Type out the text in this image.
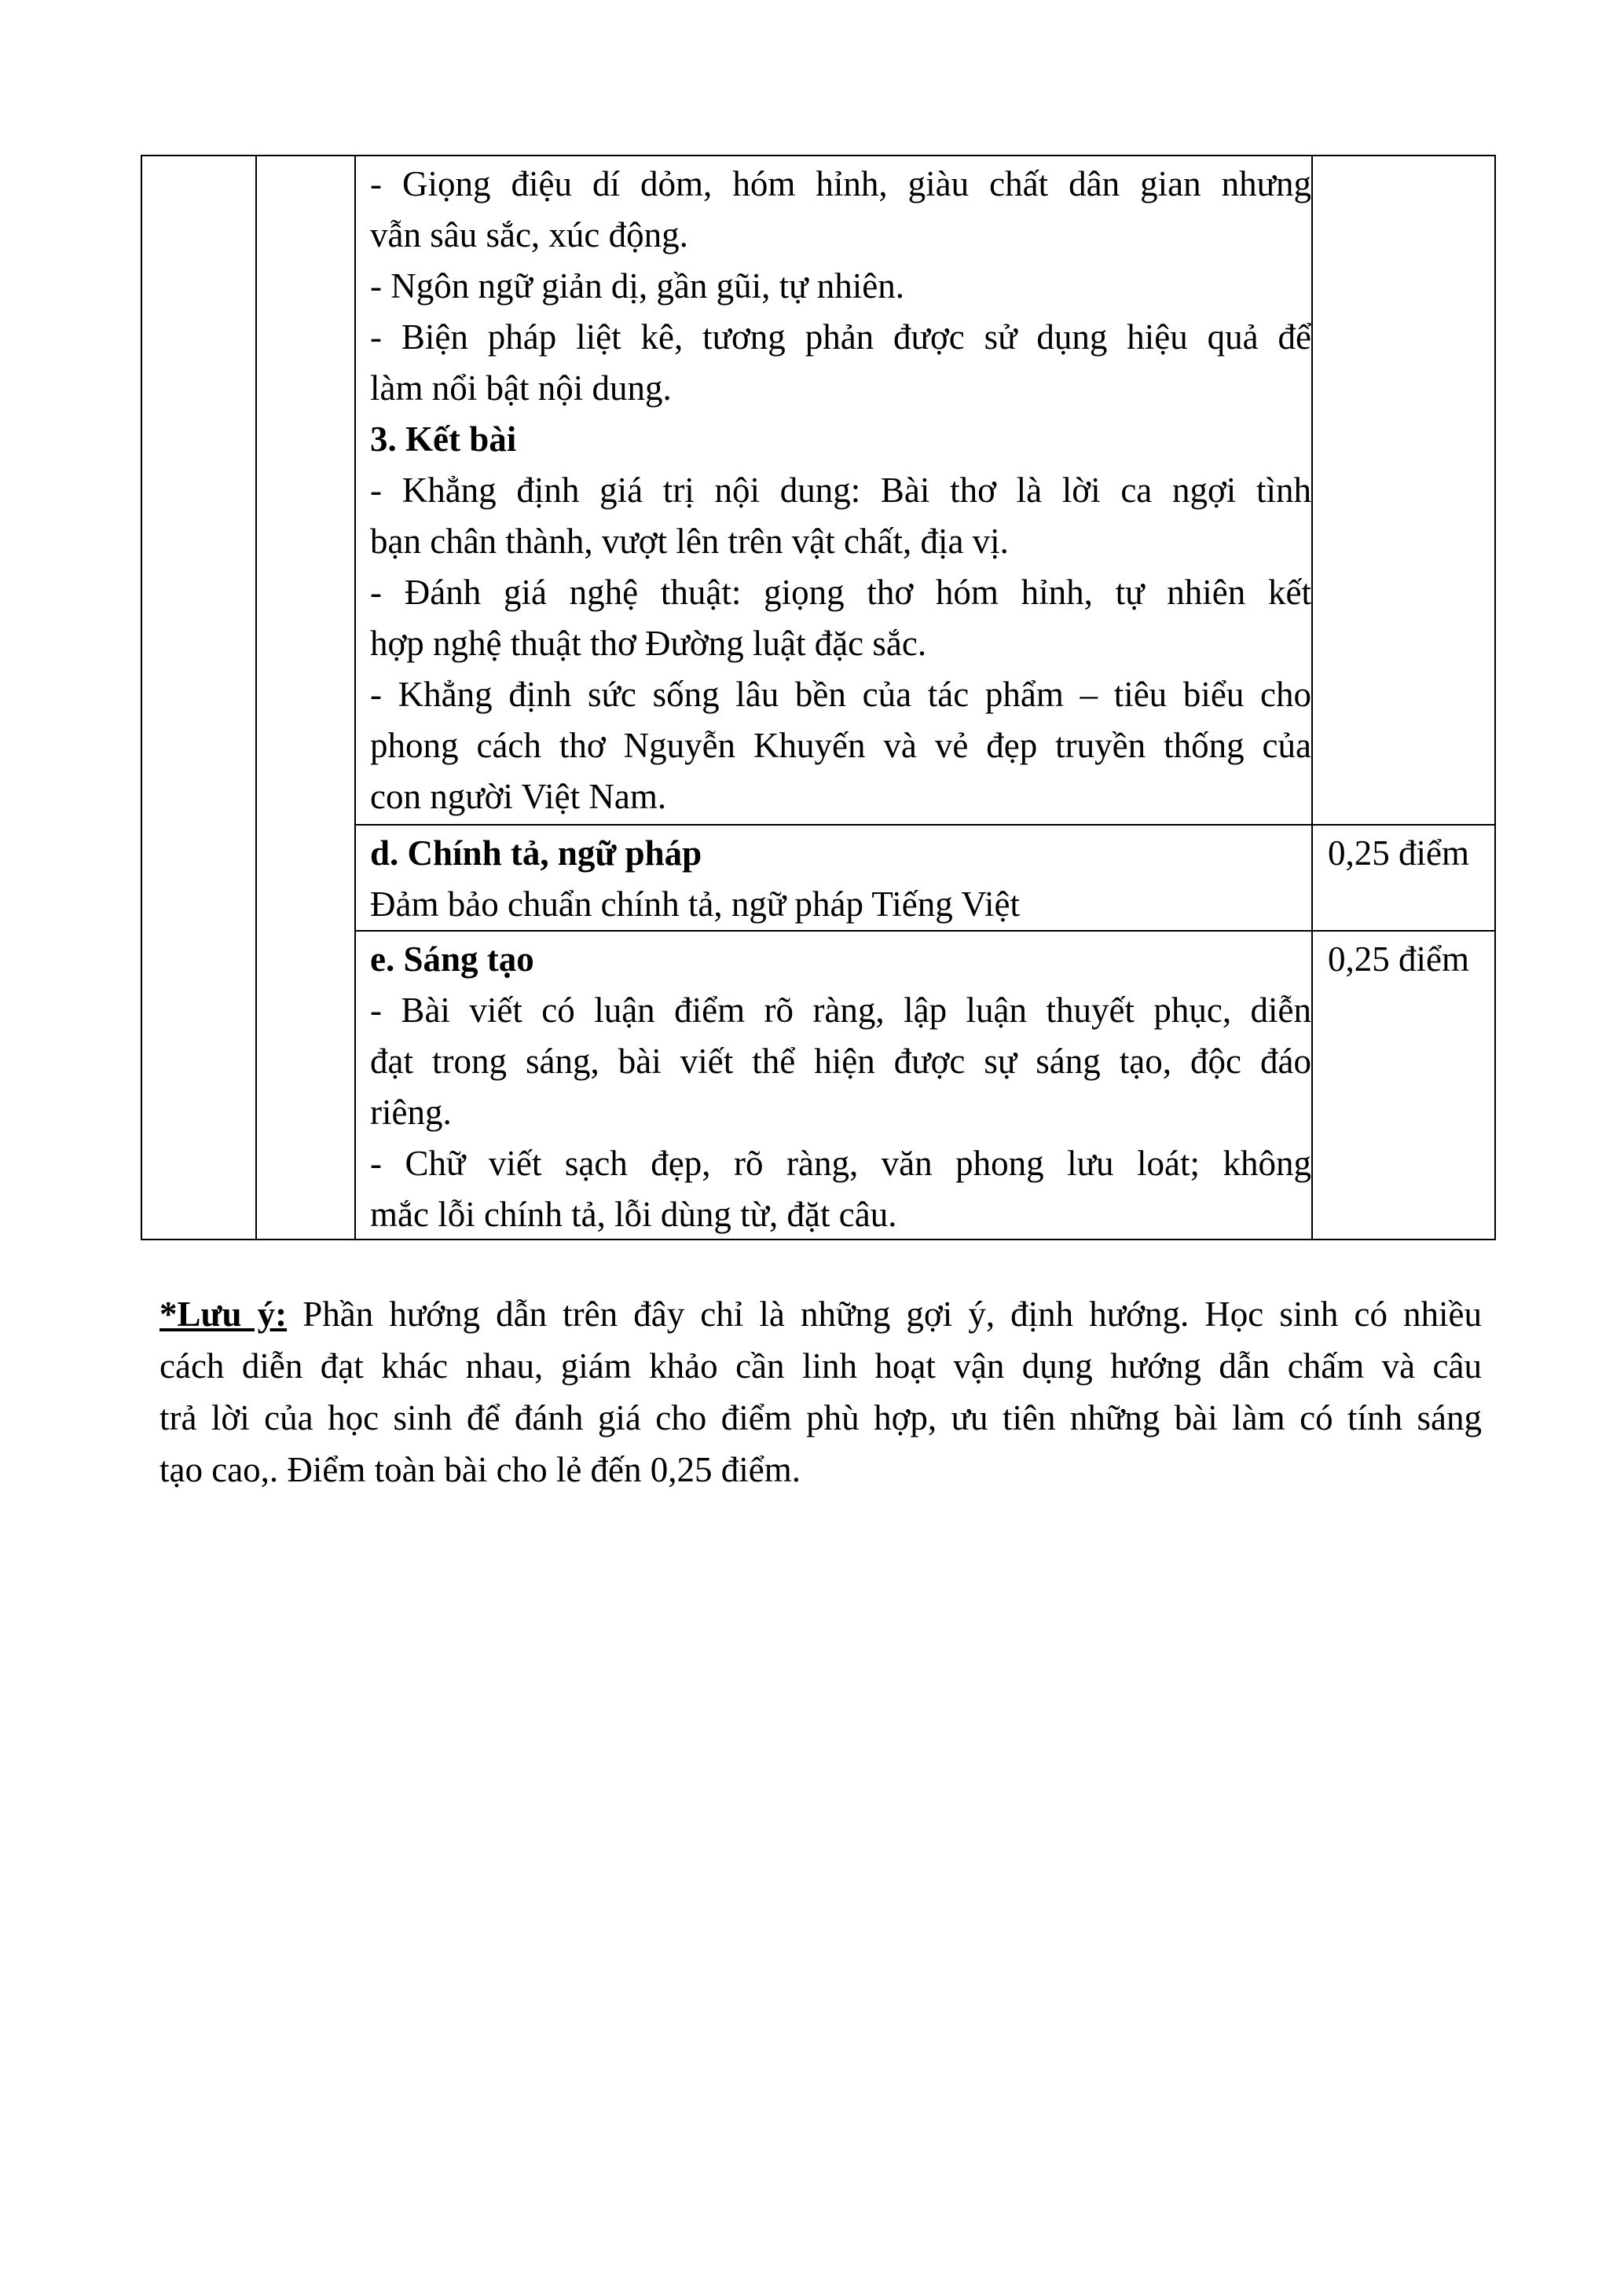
- Giọng điệu dí dỏm, hóm hỉnh, giàu chất dân gian nhưng
vẫn sâu sắc, xúc động.
- Ngôn ngữ giản dị, gần gũi, tự nhiên.
- Biện pháp liệt kê, tương phản được sử dụng hiệu quả để
làm nổi bật nội dung.
3. Kết bài
- Khẳng định giá trị nội dung: Bài thơ là lời ca ngợi tình
bạn chân thành, vượt lên trên vật chất, địa vị.
- Đánh giá nghệ thuật: giọng thơ hóm hỉnh, tự nhiên kết
hợp nghệ thuật thơ Đường luật đặc sắc.
- Khẳng định sức sống lâu bền của tác phẩm – tiêu biểu cho
phong cách thơ Nguyễn Khuyến và vẻ đẹp truyền thống của
con người Việt Nam.
d. Chính tả, ngữ pháp
Đảm bảo chuẩn chính tả, ngữ pháp Tiếng Việt
0,25 điểm
e. Sáng tạo
- Bài viết có luận điểm rõ ràng, lập luận thuyết phục, diễn
đạt trong sáng, bài viết thể hiện được sự sáng tạo, độc đáo
riêng.
- Chữ viết sạch đẹp, rõ ràng, văn phong lưu loát; không
mắc lỗi chính tả, lỗi dùng từ, đặt câu.
0,25 điểm
*Lưu ý: Phần hướng dẫn trên đây chỉ là những gợi ý, định hướng. Học sinh có nhiều
cách diễn đạt khác nhau, giám khảo cần linh hoạt vận dụng hướng dẫn chấm và câu
trả lời của học sinh để đánh giá cho điểm phù hợp, ưu tiên những bài làm có tính sáng
tạo cao,. Điểm toàn bài cho lẻ đến 0,25 điểm.
